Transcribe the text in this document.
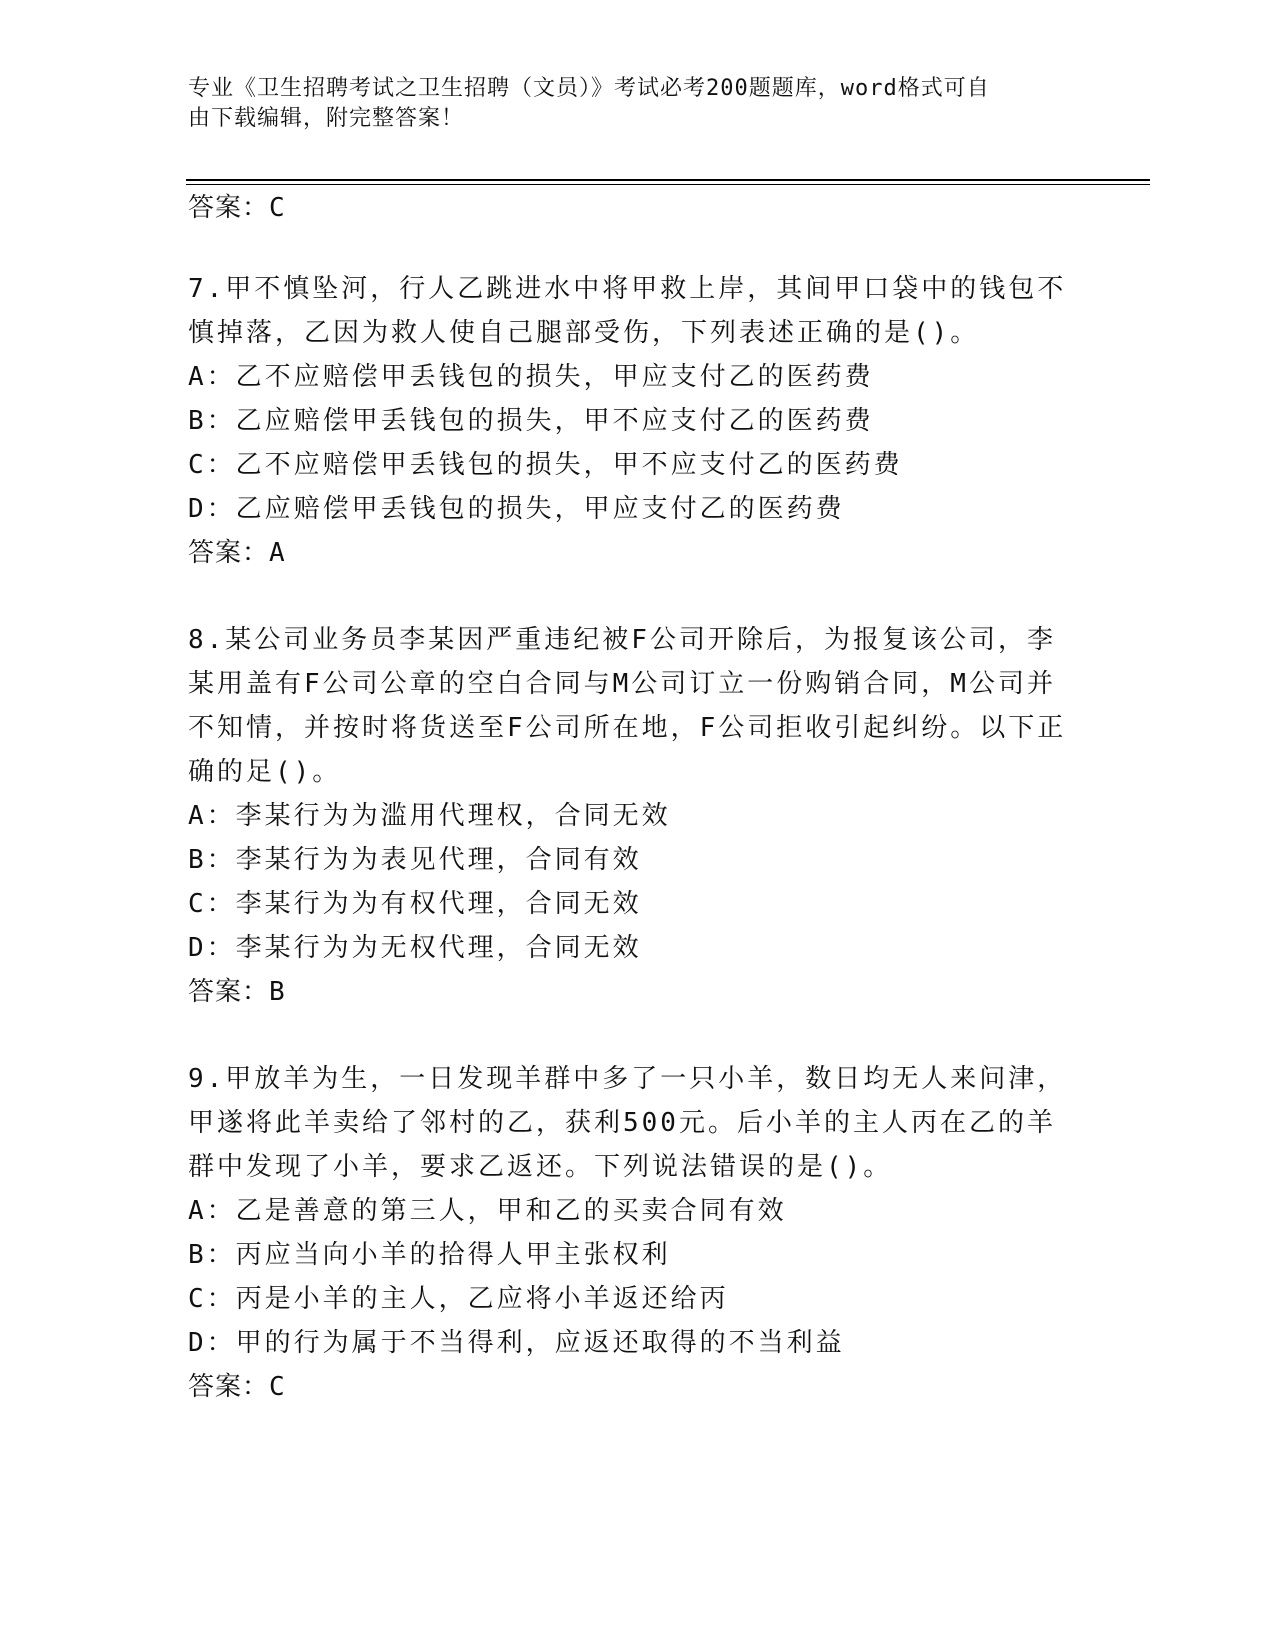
专业《卫生招聘考试之卫生招聘（文员）》考试必考200题题库，word格式可自
由下载编辑，附完整答案！
答案：C
7.甲不慎坠河，行人乙跳进水中将甲救上岸，其间甲口袋中的钱包不
慎掉落，乙因为救人使自己腿部受伤，下列表述正确的是()。
A：乙不应赔偿甲丢钱包的损失，甲应支付乙的医药费
B：乙应赔偿甲丢钱包的损失，甲不应支付乙的医药费
C：乙不应赔偿甲丢钱包的损失，甲不应支付乙的医药费
D：乙应赔偿甲丢钱包的损失，甲应支付乙的医药费
答案：A
8.某公司业务员李某因严重违纪被F公司开除后，为报复该公司，李
某用盖有F公司公章的空白合同与M公司订立一份购销合同，M公司并
不知情，并按时将货送至F公司所在地，F公司拒收引起纠纷。以下正
确的足()。
A：李某行为为滥用代理权，合同无效
B：李某行为为表见代理，合同有效
C：李某行为为有权代理，合同无效
D：李某行为为无权代理，合同无效
答案：B
9.甲放羊为生，一日发现羊群中多了一只小羊，数日均无人来问津，
甲遂将此羊卖给了邻村的乙，获利500元。后小羊的主人丙在乙的羊
群中发现了小羊，要求乙返还。下列说法错误的是()。
A：乙是善意的第三人，甲和乙的买卖合同有效
B：丙应当向小羊的拾得人甲主张权利
C：丙是小羊的主人，乙应将小羊返还给丙
D：甲的行为属于不当得利，应返还取得的不当利益
答案：C
